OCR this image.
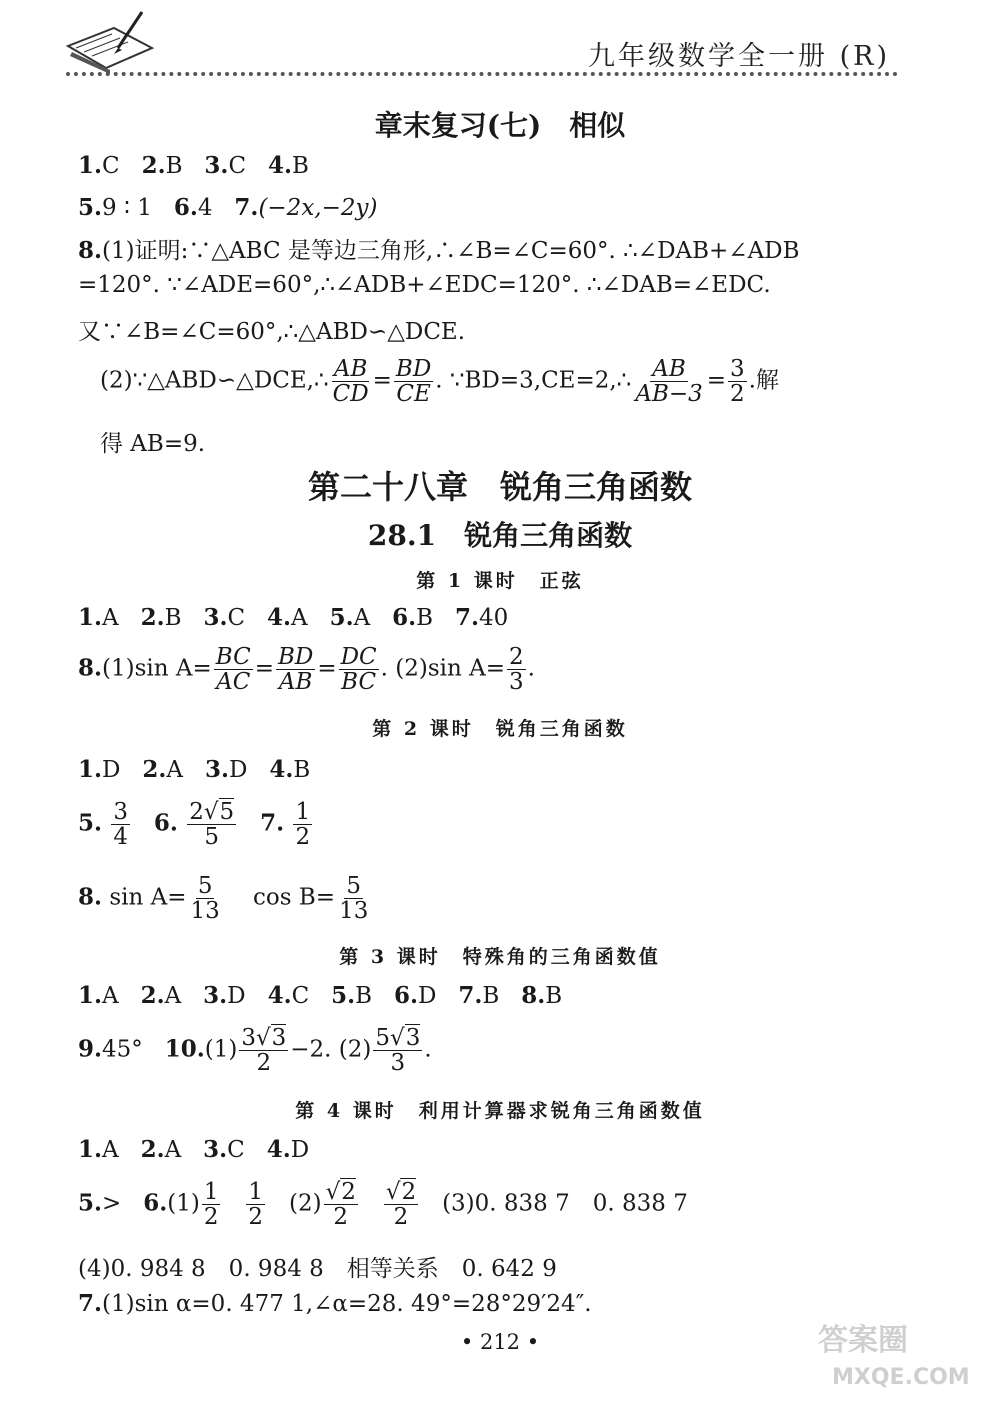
九年级数学全一册 (R)
章末复习(七)　相似
1.C 2.B 3.C 4.B
5.9 ∶ 1 6.4 7.(−2x,−2y)
8.(1)证明:∵△ABC 是等边三角形,∴∠B=∠C=60°. ∴∠DAB+∠ADB
=120°. ∵∠ADE=60°,∴∠ADB+∠EDC=120°. ∴∠DAB=∠EDC.
又∵∠B=∠C=60°,∴△ABD∽△DCE.
(2)∵△ABD∽△DCE,∴ $\frac{AB}{CD} = \frac{BD}{CE}$ . ∵BD=3,CE=2,∴ $\frac{AB}{AB-3} = \frac{3}{2}$ .解
得 AB=9.
第二十八章　锐角三角函数
28.1　锐角三角函数
第 1 课时　正弦
1.A 2.B 3.C 4.A 5.A 6.B 7.40
8.(1)sin $A= \frac{BC}{AC} = \frac{BD}{AB} = \frac{DC}{BC}$ . (2)sin $A= \frac{2}{3}$ .
第 2 课时　锐角三角函数
1.D 2.A 3.D 4.B
5. $\frac{3}{4} 6$. $\frac{2√5}{5} 7$. $\frac{1}{2}$
8. $\sin A= \frac{5}{13}$ $\cos B= \frac{5}{13}$
第 3 课时　特殊角的三角函数值
1.A 2.A 3.D 4.C 5.B 6.D 7.B 8.B
9.45° $10.(1) \frac{3√3}{2} -2$. $(2) \frac{5√3}{3}$ .
第 4 课时　利用计算器求锐角三角函数值
1.A 2.A 3.C 4.D
$5.> 6.(1) \frac{1}{2}$
$\frac{1}{2} (2) \frac{√2}{2}$
$\frac{√2}{2} (3)0$. 838 7　0. 838 7
(4)0. 984 8　0. 984 8　相等关系　0. 642 9
7.(1)sin α=0. 477 1,∠α=28. 49°=28°29′24″.
• 212 •	答案圈
MXQE.COM
